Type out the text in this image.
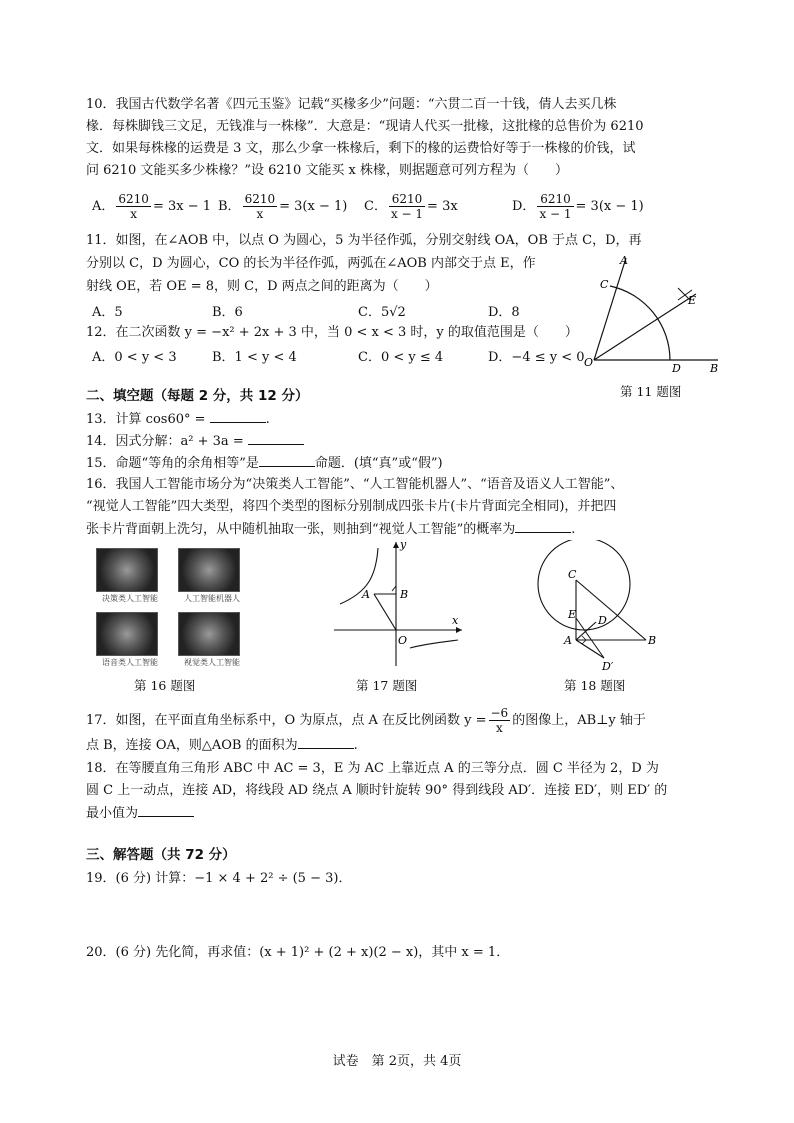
10．我国古代数学名著《四元玉鉴》记载“买椽多少”问题：“六贯二百一十钱，倩人去买几株
椽．每株脚钱三文足，无钱准与一株椽”．大意是：“现请人代买一批椽，这批椽的总售价为 6210
文．如果每株椽的运费是 3 文，那么少拿一株椽后，剩下的椽的运费恰好等于一株椽的价钱，试
问 6210 文能买多少株椽？”设 6210 文能买 x 株椽，则据题意可列方程为（　　）
A． $\frac{6210}{x} = 3x - 1$ B． $\frac{6210}{x} = 3(x - 1)$ C． $\frac{6210}{x - 1} = 3x$	D． $\frac{6210}{x - 1} = 3(x - 1)$
11．如图，在∠AOB 中，以点 O 为圆心，5 为半径作弧，分别交射线 OA，OB 于点 C，D，再
分别以 C，D 为圆心，CO 的长为半径作弧，两弧在∠AOB 内部交于点 E，作
射线 OE，若 OE = 8，则 C，D 两点之间的距离为（　　）
A．5	B．6	C．5√2	D．8
A
C
E
O	D	B
第 11 题图
12．在二次函数 y = −x² + 2x + 3 中，当 0 < x < 3 时，y 的取值范围是（　　）
A．0 < y < 3	B．1 < y < 4	C．0 < y ≤ 4	D．−4 ≤ y < 0
二、填空题（每题 2 分，共 12 分）
13．计算 cos60° =	.
14．因式分解：a² + 3a =
15．命题“等角的余角相等”是	命题．(填“真”或“假”)
16．我国人工智能市场分为“决策类人工智能”、“人工智能机器人”、“语音及语义人工智能”、
“视觉人工智能”四大类型，将四个类型的图标分别制成四张卡片(卡片背面完全相同)，并把四
张卡片背面朝上洗匀，从中随机抽取一张，则抽到“视觉人工智能”的概率为	.
决策类人工智能	人工智能机器人
语音类人工智能	视觉类人工智能
第 16 题图
y
x
A	B
O
第 17 题图
C
E D
A	B
D′
第 18 题图
17．如图，在平面直角坐标系中，O 为原点，点 A 在反比例函数 $y = \frac{-6}{x}$ 的图像上，AB⊥y 轴于
点 B，连接 OA，则△AOB 的面积为	.
18．在等腰直角三角形 ABC 中 AC = 3，E 为 AC 上靠近点 A 的三等分点．圆 C 半径为 2，D 为
圆 C 上一动点，连接 AD，将线段 AD 绕点 A 顺时针旋转 90° 得到线段 AD′．连接 ED′，则 ED′ 的
最小值为
三、解答题（共 72 分）
19．(6 分) 计算：−1 × 4 + 2² ÷ (5 − 3)．
20．(6 分) 先化简，再求值：(x + 1)² + (2 + x)(2 − x)，其中 x = 1．
试卷　第 2页，共 4页
